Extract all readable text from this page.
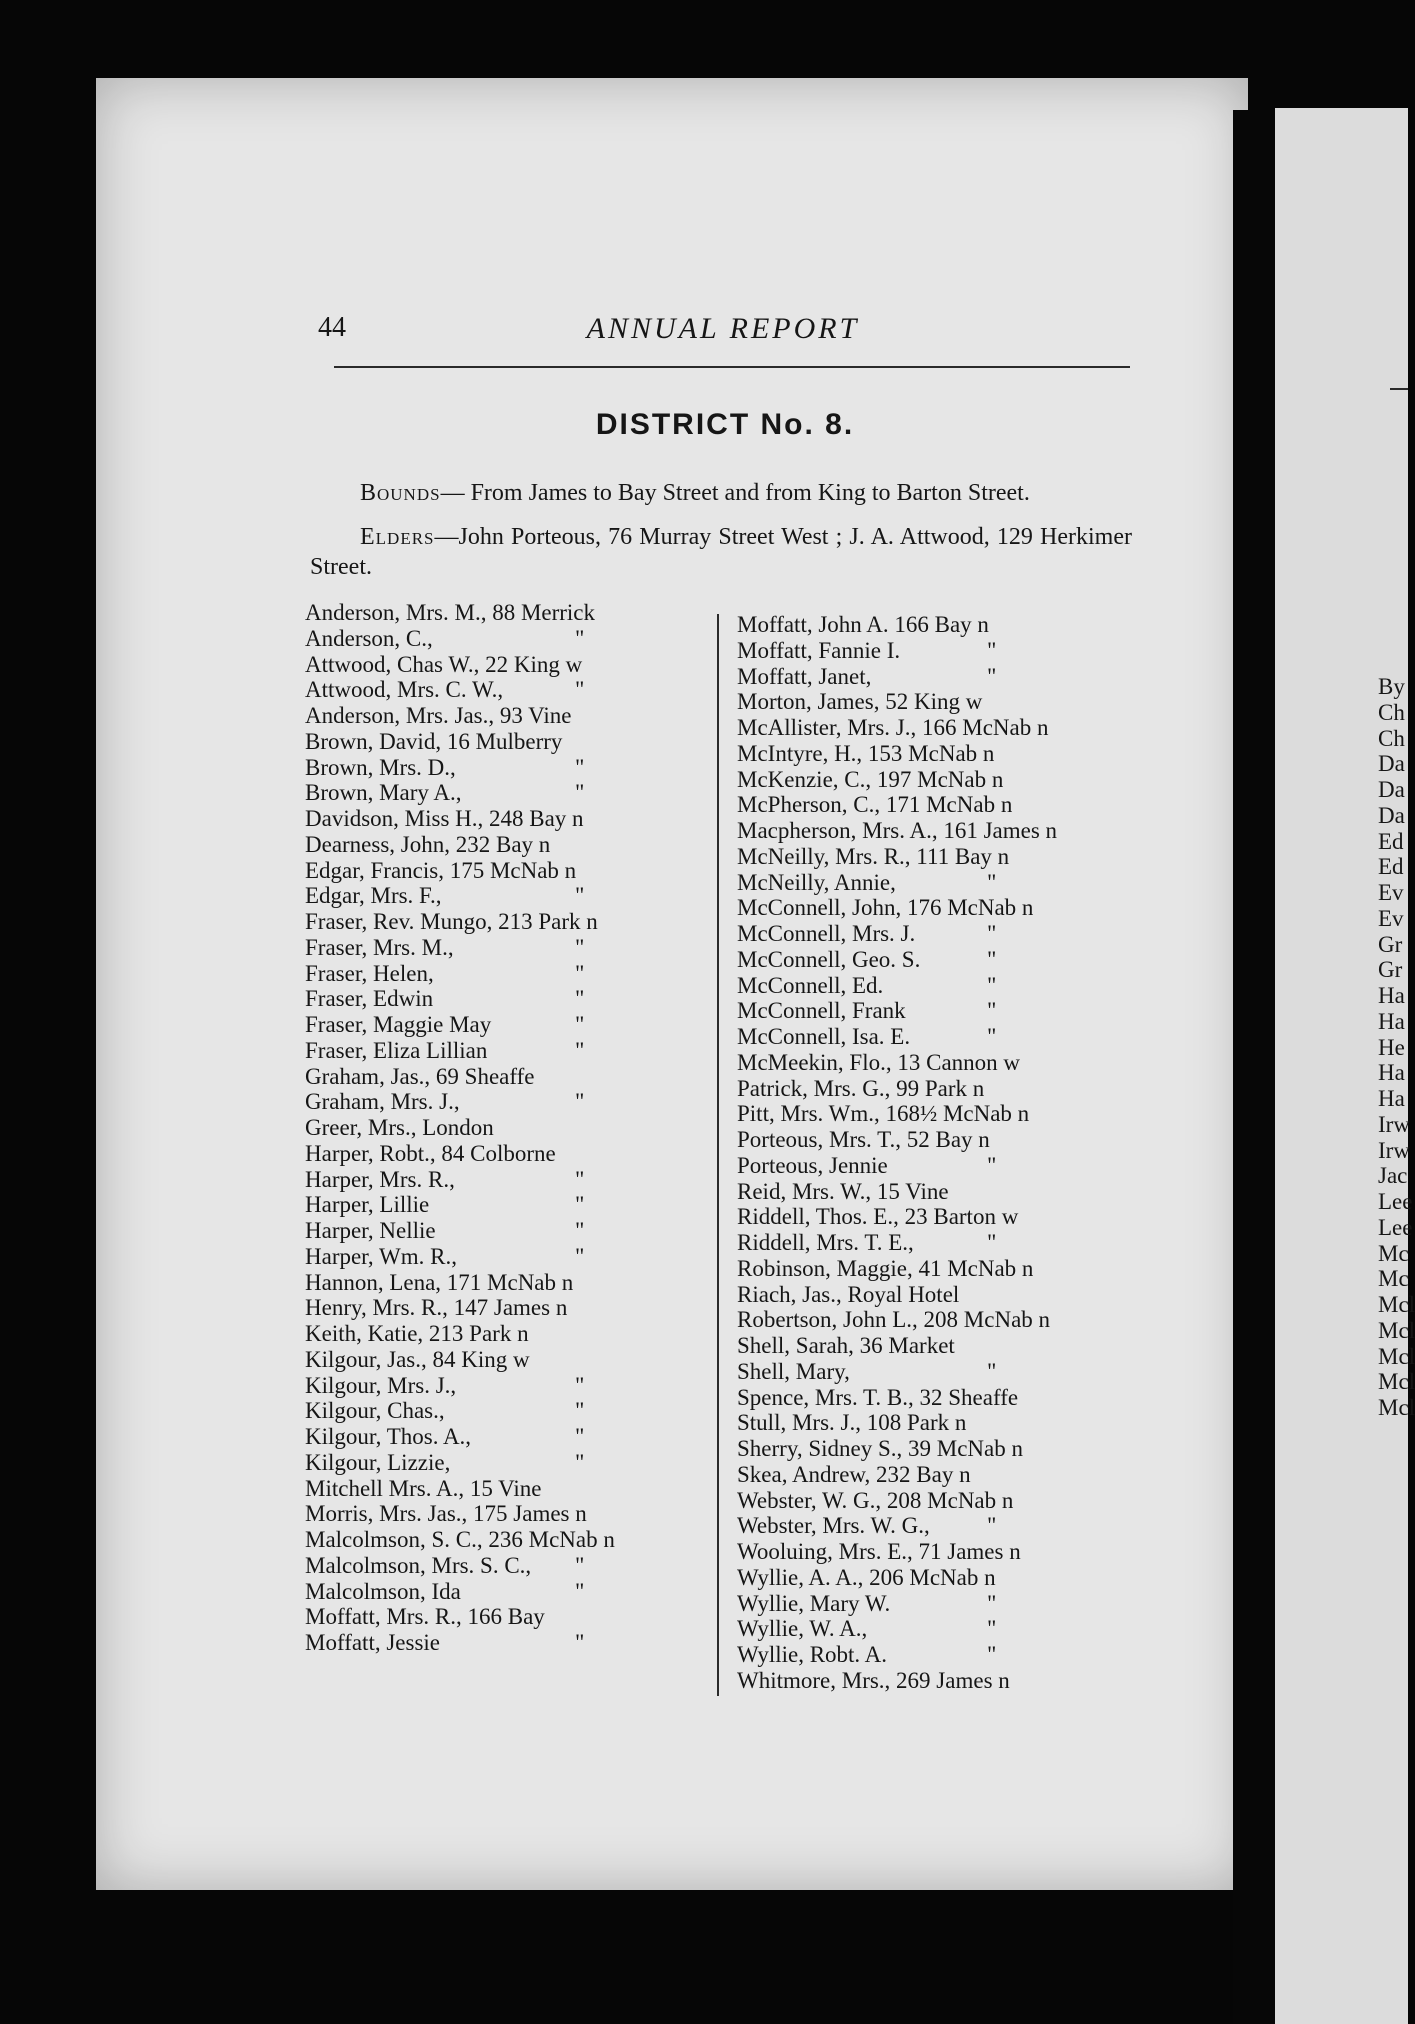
44	ANNUAL REPORT
DISTRICT No. 8.
Bounds— From James to Bay Street and from King to Barton Street.
Elders—John Porteous, 76 Murray Street West ; J. A. Attwood, 129 Herkimer Street.
Anderson, Mrs. M., 88 Merrick
Anderson, C.,	"
Attwood, Chas W., 22 King w
Attwood, Mrs. C. W.,	"
Anderson, Mrs. Jas., 93 Vine
Brown, David, 16 Mulberry
Brown, Mrs. D.,	"
Brown, Mary A.,	"
Davidson, Miss H., 248 Bay n
Dearness, John, 232 Bay n
Edgar, Francis, 175 McNab n
Edgar, Mrs. F.,	"
Fraser, Rev. Mungo, 213 Park n
Fraser, Mrs. M.,	"
Fraser, Helen,	"
Fraser, Edwin	"
Fraser, Maggie May	"
Fraser, Eliza Lillian	"
Graham, Jas., 69 Sheaffe
Graham, Mrs. J.,	"
Greer, Mrs., London
Harper, Robt., 84 Colborne
Harper, Mrs. R.,	"
Harper, Lillie	"
Harper, Nellie	"
Harper, Wm. R.,	"
Hannon, Lena, 171 McNab n
Henry, Mrs. R., 147 James n
Keith, Katie, 213 Park n
Kilgour, Jas., 84 King w
Kilgour, Mrs. J.,	"
Kilgour, Chas.,	"
Kilgour, Thos. A.,	"
Kilgour, Lizzie,	"
Mitchell Mrs. A., 15 Vine
Morris, Mrs. Jas., 175 James n
Malcolmson, S. C., 236 McNab n
Malcolmson, Mrs. S. C., "
Malcolmson, Ida	"
Moffatt, Mrs. R., 166 Bay
Moffatt, Jessie	"
Moffatt, John A. 166 Bay n
Moffatt, Fannie I.	"
Moffatt, Janet,	"
Morton, James, 52 King w
McAllister, Mrs. J., 166 McNab n
McIntyre, H., 153 McNab n
McKenzie, C., 197 McNab n
McPherson, C., 171 McNab n
Macpherson, Mrs. A., 161 James n
McNeilly, Mrs. R., 111 Bay n
McNeilly, Annie,	"
McConnell, John, 176 McNab n
McConnell, Mrs. J.	"
McConnell, Geo. S.	"
McConnell, Ed.	"
McConnell, Frank	"
McConnell, Isa. E.	"
McMeekin, Flo., 13 Cannon w
Patrick, Mrs. G., 99 Park n
Pitt, Mrs. Wm., 168½ McNab n
Porteous, Mrs. T., 52 Bay n
Porteous, Jennie	"
Reid, Mrs. W., 15 Vine
Riddell, Thos. E., 23 Barton w
Riddell, Mrs. T. E.,	"
Robinson, Maggie, 41 McNab n
Riach, Jas., Royal Hotel
Robertson, John L., 208 McNab n
Shell, Sarah, 36 Market
Shell, Mary,	"
Spence, Mrs. T. B., 32 Sheaffe
Stull, Mrs. J., 108 Park n
Sherry, Sidney S., 39 McNab n
Skea, Andrew, 232 Bay n
Webster, W. G., 208 McNab n
Webster, Mrs. W. G., "
Wooluing, Mrs. E., 71 James n
Wyllie, A. A., 206 McNab n
Wyllie, Mary W.	"
Wyllie, W. A.,	"
Wyllie, Robt. A.	"
Whitmore, Mrs., 269 James n
By
Ch
Ch
Da
Da
Da
Ed
Ed
Ev
Ev
Gr
Gr
Ha
Ha
He
Ha
Ha
Irw
Irw
Jac
Lee
Lee
Mc
Mc
Mcl
Mcl
Mcl
Mcl
Mcl
